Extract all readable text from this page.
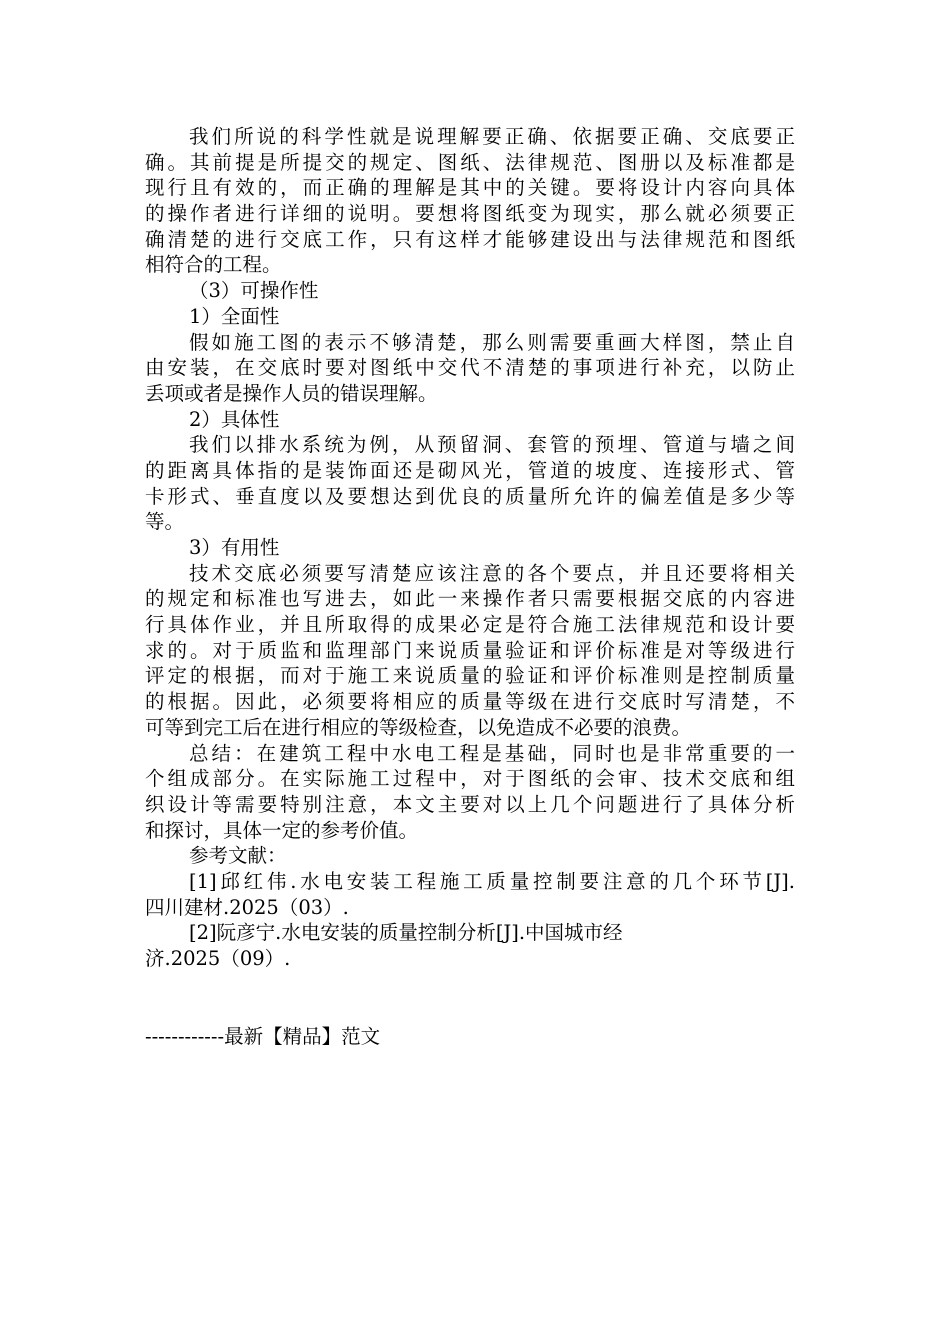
我们所说的科学性就是说理解要正确、依据要正确、交底要正
确。其前提是所提交的规定、图纸、法律规范、图册以及标准都是
现行且有效的，而正确的理解是其中的关键。要将设计内容向具体
的操作者进行详细的说明。要想将图纸变为现实，那么就必须要正
确清楚的进行交底工作，只有这样才能够建设出与法律规范和图纸
相符合的工程。
（3）可操作性
1）全面性
假如施工图的表示不够清楚，那么则需要重画大样图，禁止自
由安装，在交底时要对图纸中交代不清楚的事项进行补充，以防止
丢项或者是操作人员的错误理解。
2）具体性
我们以排水系统为例，从预留洞、套管的预埋、管道与墙之间
的距离具体指的是装饰面还是砌风光，管道的坡度、连接形式、管
卡形式、垂直度以及要想达到优良的质量所允许的偏差值是多少等
等。
3）有用性
技术交底必须要写清楚应该注意的各个要点，并且还要将相关
的规定和标准也写进去，如此一来操作者只需要根据交底的内容进
行具体作业，并且所取得的成果必定是符合施工法律规范和设计要
求的。对于质监和监理部门来说质量验证和评价标准是对等级进行
评定的根据，而对于施工来说质量的验证和评价标准则是控制质量
的根据。因此，必须要将相应的质量等级在进行交底时写清楚，不
可等到完工后在进行相应的等级检查，以免造成不必要的浪费。
总结：在建筑工程中水电工程是基础，同时也是非常重要的一
个组成部分。在实际施工过程中，对于图纸的会审、技术交底和组
织设计等需要特别注意，本文主要对以上几个问题进行了具体分析
和探讨，具体一定的参考价值。
参考文献：
[1]邱红伟.水电安装工程施工质量控制要注意的几个环节[J].
四川建材.2025（03）.
[2]阮彦宁.水电安装的质量控制分析[J].中国城市经
济.2025（09）.
------------最新【精品】范文
